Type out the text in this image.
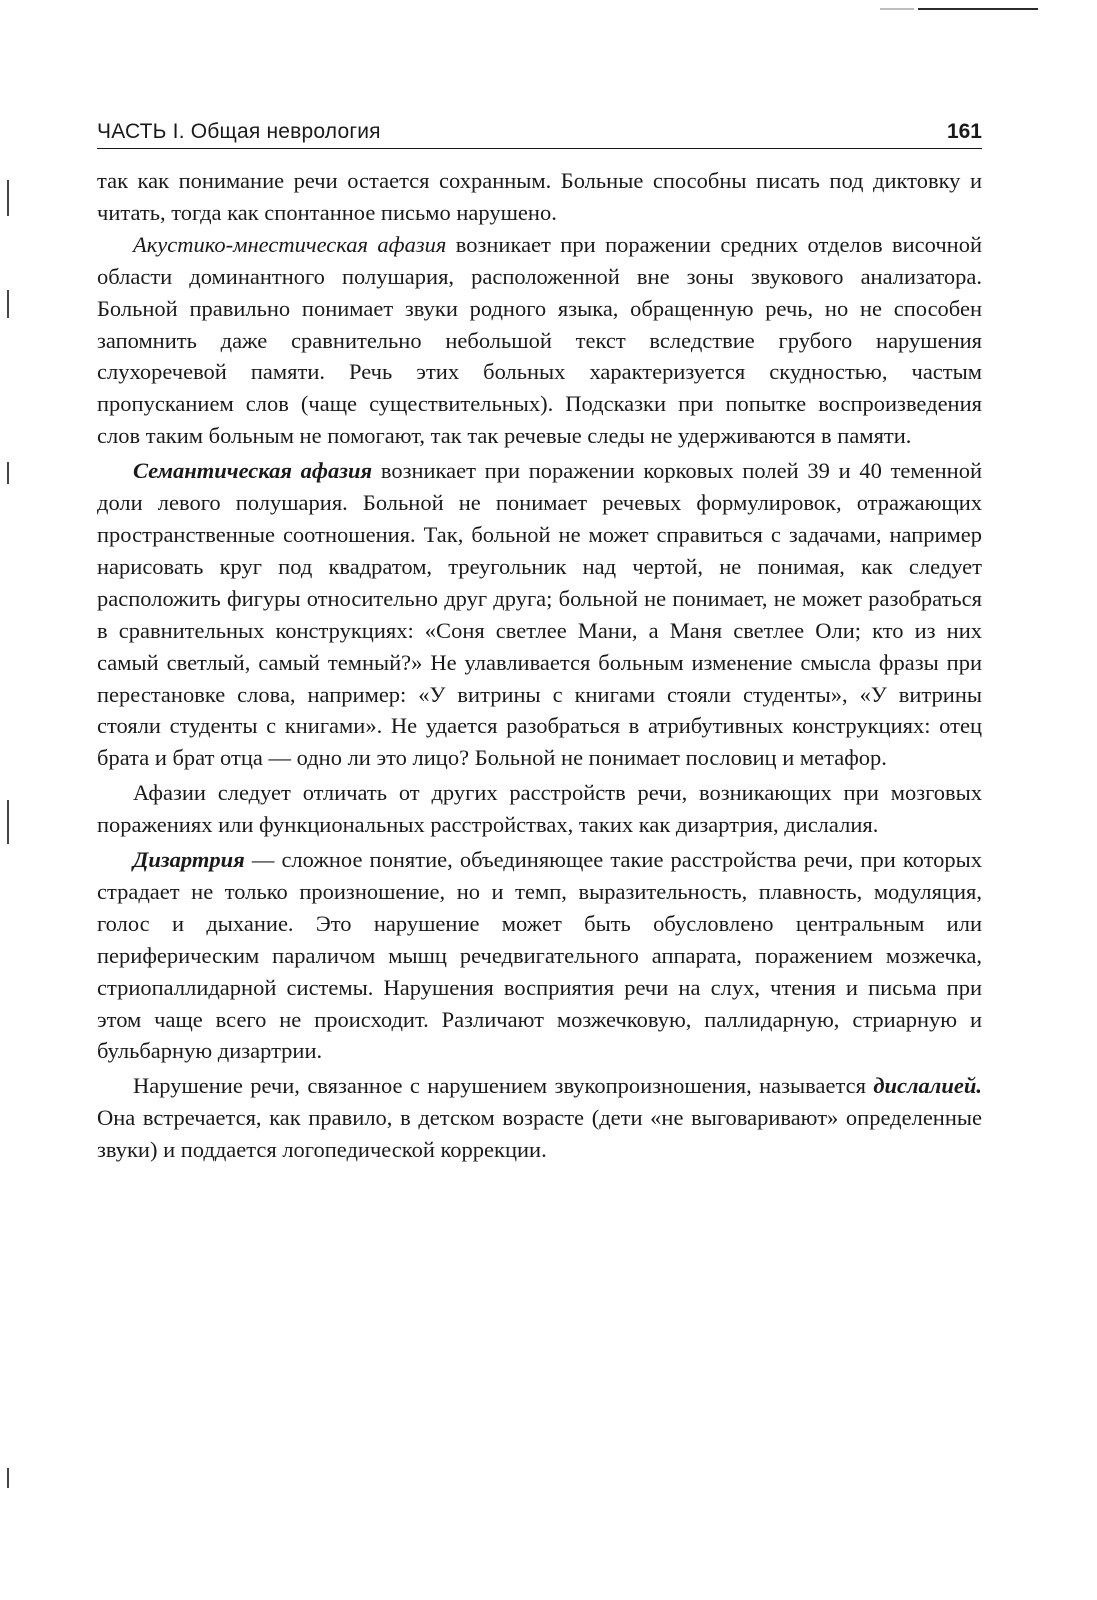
ЧАСТЬ I. Общая неврология	161

так как понимание речи остается сохранным. Больные способны писать под диктовку и читать, тогда как спонтанное письмо нарушено.

Акустико-мнестическая афазия возникает при поражении средних отделов височной области доминантного полушария, расположенной вне зоны звукового анализатора. Больной правильно понимает звуки родного языка, обращенную речь, но не способен запомнить даже сравнительно небольшой текст вследствие грубого нарушения слухоречевой памяти. Речь этих больных характеризуется скудностью, частым пропусканием слов (чаще существительных). Подсказки при попытке воспроизведения слов таким больным не помогают, так так речевые следы не удерживаются в памяти.

Семантическая афазия возникает при поражении корковых полей 39 и 40 теменной доли левого полушария. Больной не понимает речевых формулировок, отражающих пространственные соотношения. Так, больной не может справиться с задачами, например нарисовать круг под квадратом, треугольник над чертой, не понимая, как следует расположить фигуры относительно друг друга; больной не понимает, не может разобраться в сравнительных конструкциях: «Соня светлее Мани, а Маня светлее Оли; кто из них самый светлый, самый темный?» Не улавливается больным изменение смысла фразы при перестановке слова, например: «У витрины с книгами стояли студенты», «У витрины стояли студенты с книгами». Не удается разобраться в атрибутивных конструкциях: отец брата и брат отца — одно ли это лицо? Больной не понимает пословиц и метафор.

Афазии следует отличать от других расстройств речи, возникающих при мозговых поражениях или функциональных расстройствах, таких как дизартрия, дислалия.

Дизартрия — сложное понятие, объединяющее такие расстройства речи, при которых страдает не только произношение, но и темп, выразительность, плавность, модуляция, голос и дыхание. Это нарушение может быть обусловлено центральным или периферическим параличом мышц речедвигательного аппарата, поражением мозжечка, стриопаллидарной системы. Нарушения восприятия речи на слух, чтения и письма при этом чаще всего не происходит. Различают мозжечковую, паллидарную, стриарную и бульбарную дизартрии.

Нарушение речи, связанное с нарушением звукопроизношения, называется дислалией. Она встречается, как правило, в детском возрасте (дети «не выговаривают» определенные звуки) и поддается логопедической коррекции.
